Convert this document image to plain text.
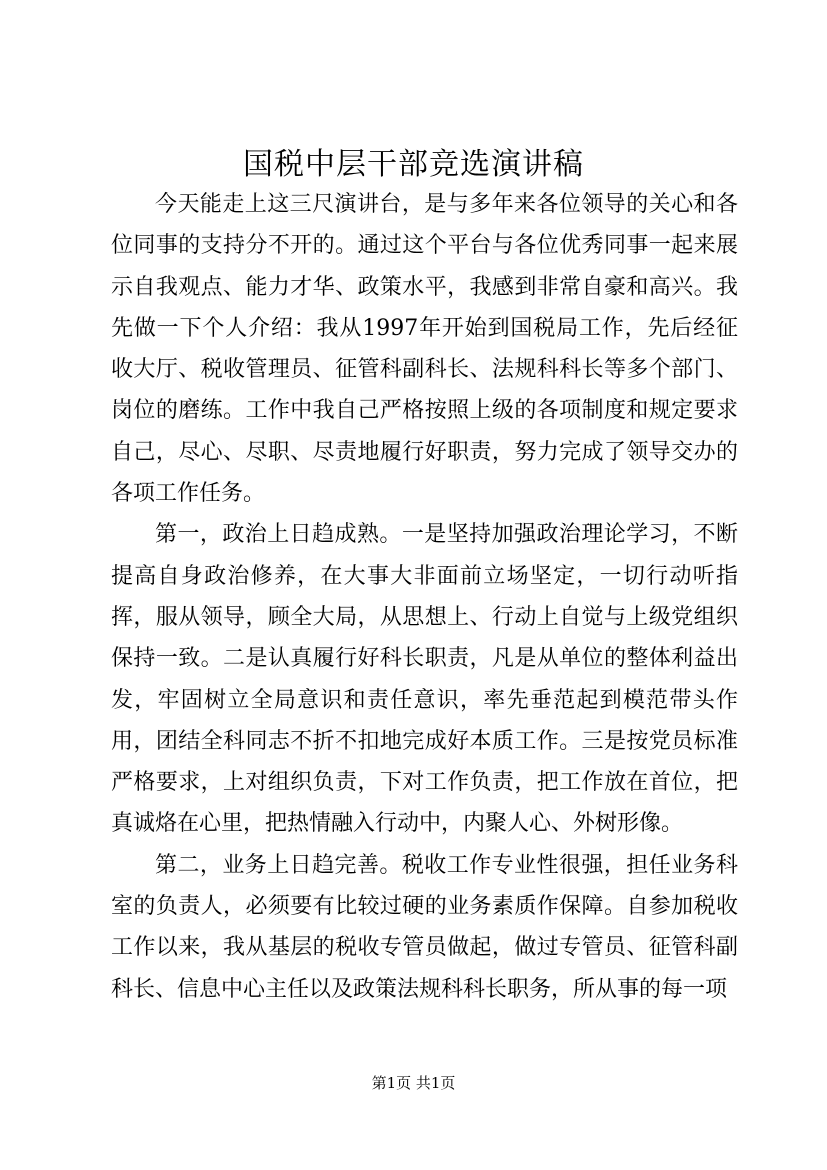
国税中层干部竞选演讲稿

今天能走上这三尺演讲台，是与多年来各位领导的关心和各位同事的支持分不开的。通过这个平台与各位优秀同事一起来展示自我观点、能力才华、政策水平，我感到非常自豪和高兴。我先做一下个人介绍：我从1997年开始到国税局工作，先后经征收大厅、税收管理员、征管科副科长、法规科科长等多个部门、岗位的磨练。工作中我自己严格按照上级的各项制度和规定要求自己，尽心、尽职、尽责地履行好职责，努力完成了领导交办的各项工作任务。

第一，政治上日趋成熟。一是坚持加强政治理论学习，不断提高自身政治修养，在大事大非面前立场坚定，一切行动听指挥，服从领导，顾全大局，从思想上、行动上自觉与上级党组织保持一致。二是认真履行好科长职责，凡是从单位的整体利益出发，牢固树立全局意识和责任意识，率先垂范起到模范带头作用，团结全科同志不折不扣地完成好本质工作。三是按党员标准严格要求，上对组织负责，下对工作负责，把工作放在首位，把真诚烙在心里，把热情融入行动中，内聚人心、外树形像。

第二，业务上日趋完善。税收工作专业性很强，担任业务科室的负责人，必须要有比较过硬的业务素质作保障。自参加税收工作以来，我从基层的税收专管员做起，做过专管员、征管科副科长、信息中心主任以及政策法规科科长职务，所从事的每一项

第1页 共1页
